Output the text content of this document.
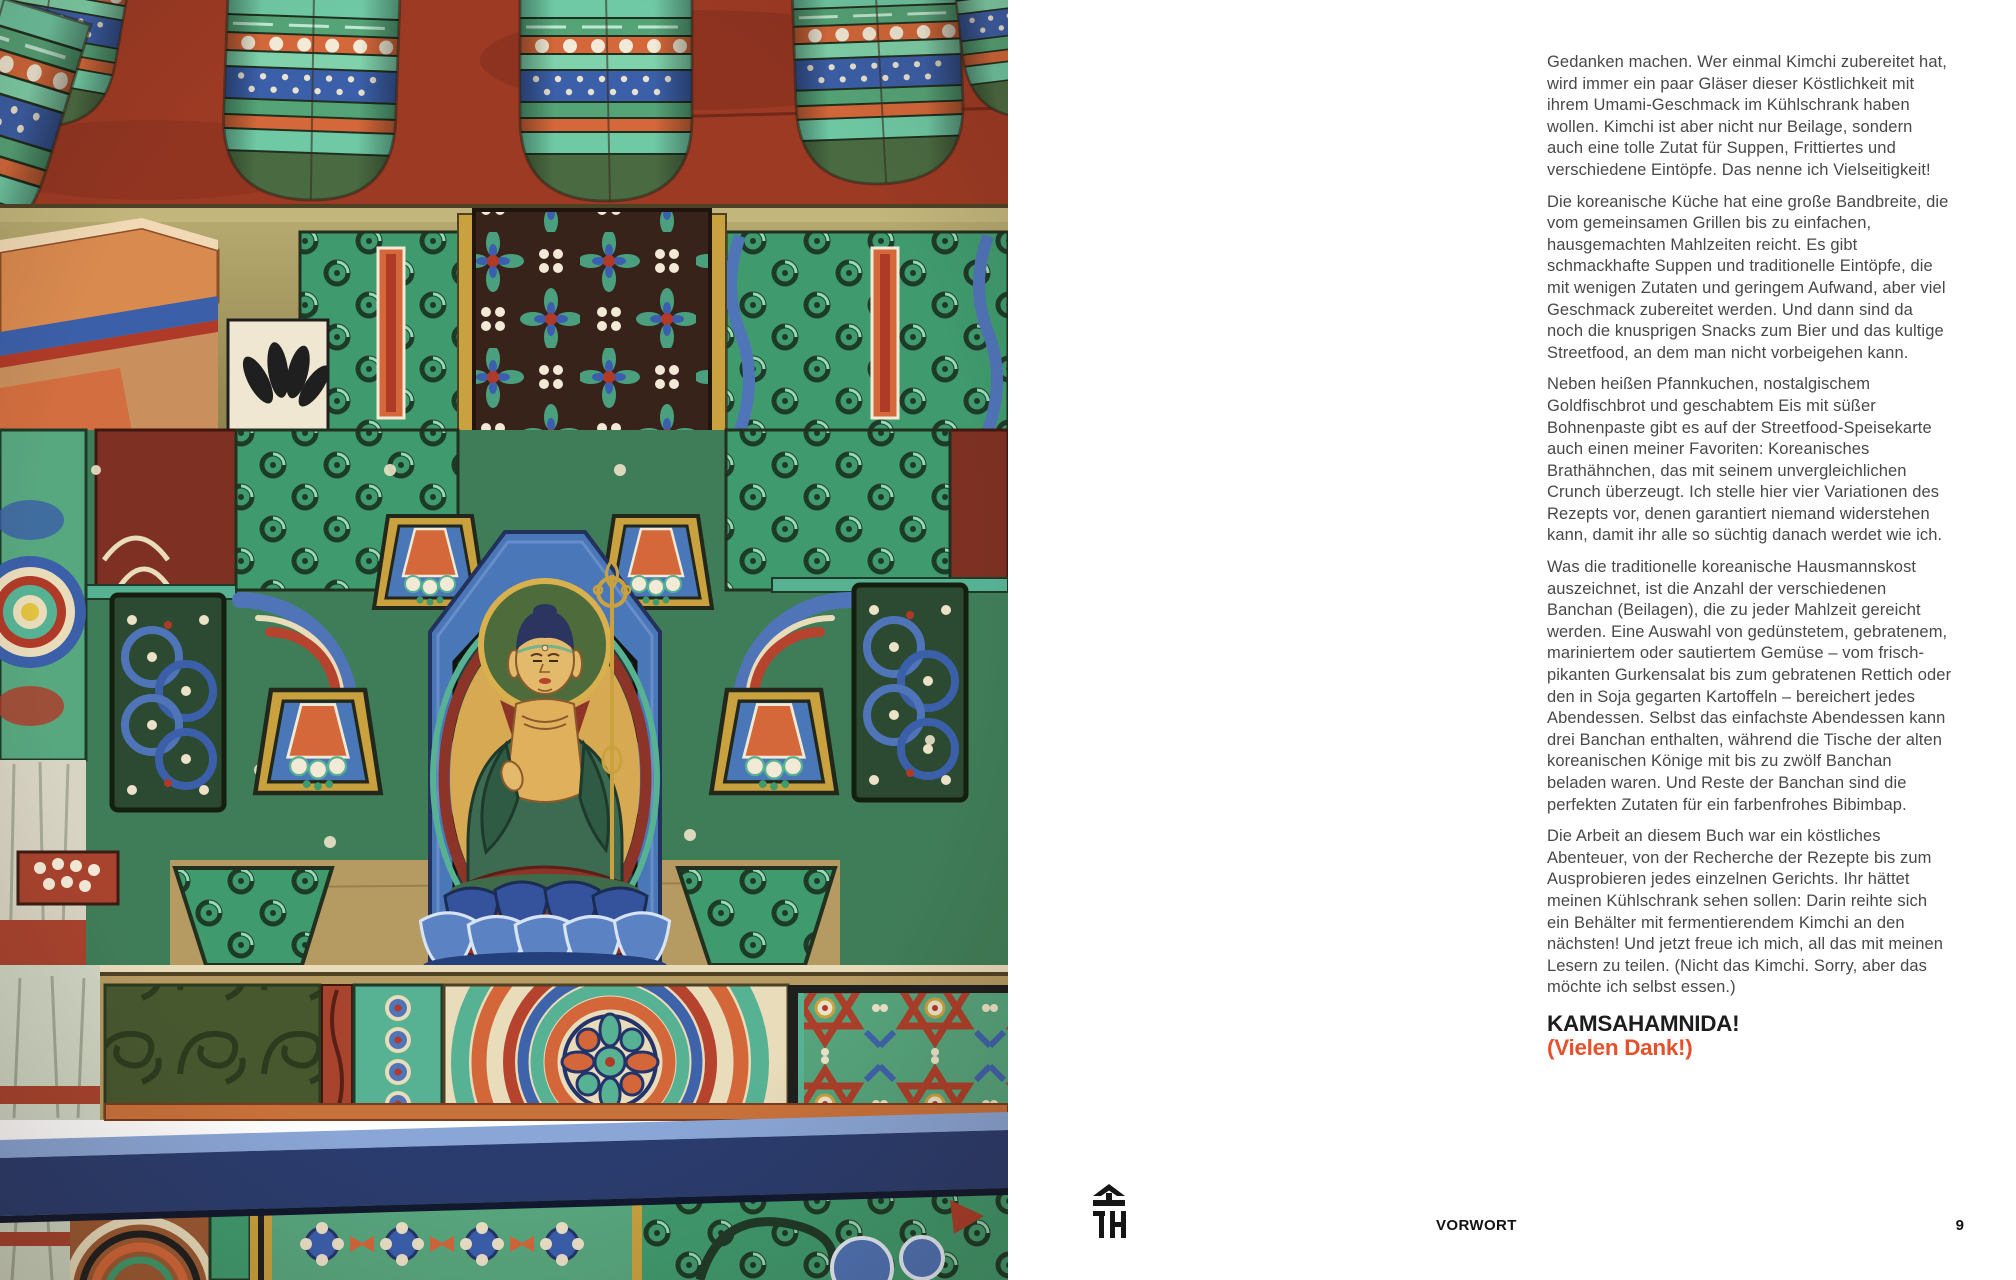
Gedanken machen. Wer einmal Kimchi zubereitet hat, wird immer ein paar Gläser dieser Köstlichkeit mit ihrem Umami-Geschmack im Kühlschrank haben wollen. Kimchi ist aber nicht nur Beilage, sondern auch eine tolle Zutat für Suppen, Frittiertes und verschiedene Eintöpfe. Das nenne ich Vielseitigkeit!

Die koreanische Küche hat eine große Bandbreite, die vom gemeinsamen Grillen bis zu einfachen, hausgemachten Mahlzeiten reicht. Es gibt schmackhafte Suppen und traditionelle Eintöpfe, die mit wenigen Zutaten und geringem Aufwand, aber viel Geschmack zubereitet werden. Und dann sind da noch die knusprigen Snacks zum Bier und das kultige Streetfood, an dem man nicht vorbeigehen kann.

Neben heißen Pfannkuchen, nostalgischem Goldfischbrot und geschabtem Eis mit süßer Bohnenpaste gibt es auf der Streetfood-Speisekarte auch einen meiner Favoriten: Koreanisches Brathähnchen, das mit seinem unvergleichlichen Crunch überzeugt. Ich stelle hier vier Variationen des Rezepts vor, denen garantiert niemand widerstehen kann, damit ihr alle so süchtig danach werdet wie ich.

Was die traditionelle koreanische Hausmannskost auszeichnet, ist die Anzahl der verschiedenen Banchan (Beilagen), die zu jeder Mahlzeit gereicht werden. Eine Auswahl von gedünstetem, gebratenem, mariniertem oder sautiertem Gemüse – vom frisch-pikanten Gurkensalat bis zum gebratenen Rettich oder den in Soja gegarten Kartoffeln – bereichert jedes Abendessen. Selbst das einfachste Abendessen kann drei Banchan enthalten, während die Tische der alten koreanischen Könige mit bis zu zwölf Banchan beladen waren. Und Reste der Banchan sind die perfekten Zutaten für ein farbenfrohes Bibimbap.

Die Arbeit an diesem Buch war ein köstliches Abenteuer, von der Recherche der Rezepte bis zum Ausprobieren jedes einzelnen Gerichts. Ihr hättet meinen Kühlschrank sehen sollen: Darin reihte sich ein Behälter mit fermentierendem Kimchi an den nächsten! Und jetzt freue ich mich, all das mit meinen Lesern zu teilen. (Nicht das Kimchi. Sorry, aber das möchte ich selbst essen.)

KAMSAHAMNIDA!
(Vielen Dank!)
VORWORT	9
